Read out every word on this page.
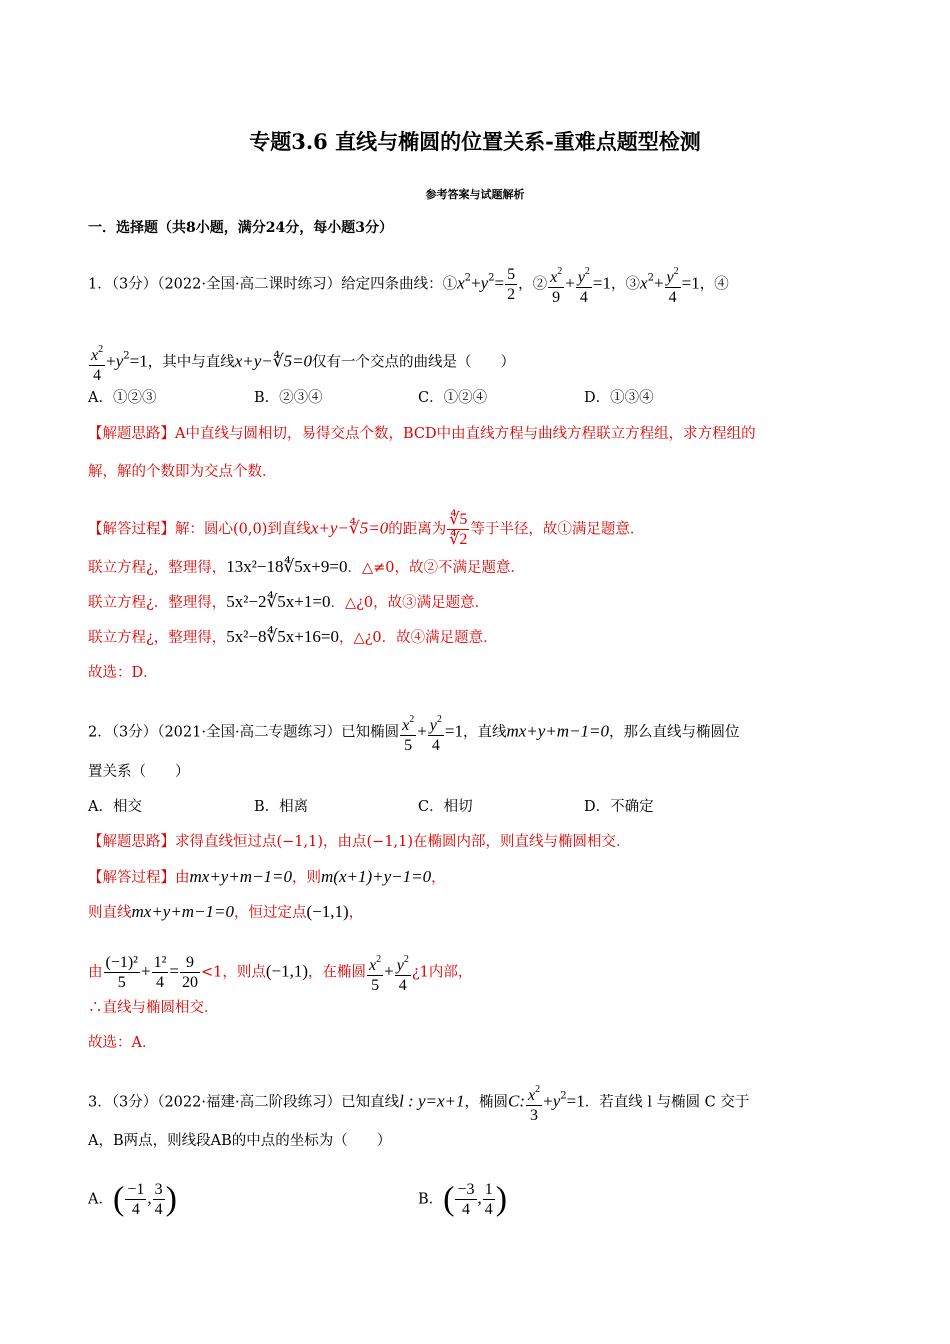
专题3.6 直线与椭圆的位置关系-重难点题型检测
参考答案与试题解析
一．选择题（共8小题，满分24分，每小题3分）
1．（3分）（2022·全国·高二课时练习）给定四条曲线：$①x^2+y^2= \frac{5}{2}$ ，② $\frac{x^2}{9} + \frac{y^2}{4} =1$，$③x^2+ \frac{y^2}{4} =1$，④
$\frac{x^2}{4} +y^2=1$，其中与直线x+y−∜5=0仅有一个交点的曲线是（　　）
A．①②③	B．②③④	C．①②④	D．①③④
【解题思路】A中直线与圆相切，易得交点个数，BCD中由直线方程与曲线方程联立方程组，求方程组的
解，解的个数即为交点个数．
【解答过程】解：圆心(0,0)到直线x+y−∜5=0的距离为 $\frac{∜5}{∜2}$ 等于半径，故①满足题意．
联立方程¿，整理得，13x²−18∜5x+9=0．△≠0，故②不满足题意．
联立方程¿．整理得，5x²−2∜5x+1=0．△¿0，故③满足题意．
联立方程¿，整理得，5x²−8∜5x+16=0，△¿0．故④满足题意．
故选：D．
2．（3分）（2021·全国·高二专题练习）已知椭圆 $\frac{x^2}{5} + \frac{y^2}{4} =1$，直线mx+y+m−1=0，那么直线与椭圆位
置关系（　　）
A．相交	B．相离	C．相切	D．不确定
【解题思路】求得直线恒过点(−1,1)，由点(−1,1)在椭圆内部，则直线与椭圆相交．
【解答过程】由mx+y+m−1=0，则m(x+1)+y−1=0，
则直线mx+y+m−1=0，恒过定点(−1,1)，
由 $\frac{\text{(−1)²}}{5} + \frac{\text{1²}}{4} = \frac{9}{20} <1$，则点(−1,1)，在椭圆 $\frac{x^2}{5} + \frac{y^2}{4}$ ¿1内部，
∴直线与椭圆相交．
故选：A．
3．（3分）（2022·福建·高二阶段练习）已知直线l : y=x+1，椭圆C: $\frac{x^2}{3} +y^2=1$．若直线 l 与椭圆 C 交于
A，B两点，则线段AB的中点的坐标为（　　）
A．( $\frac{-1}{4}$ , $\frac{3}{4}$ )	B．( $\frac{-3}{4}$ , $\frac{1}{4}$ )
